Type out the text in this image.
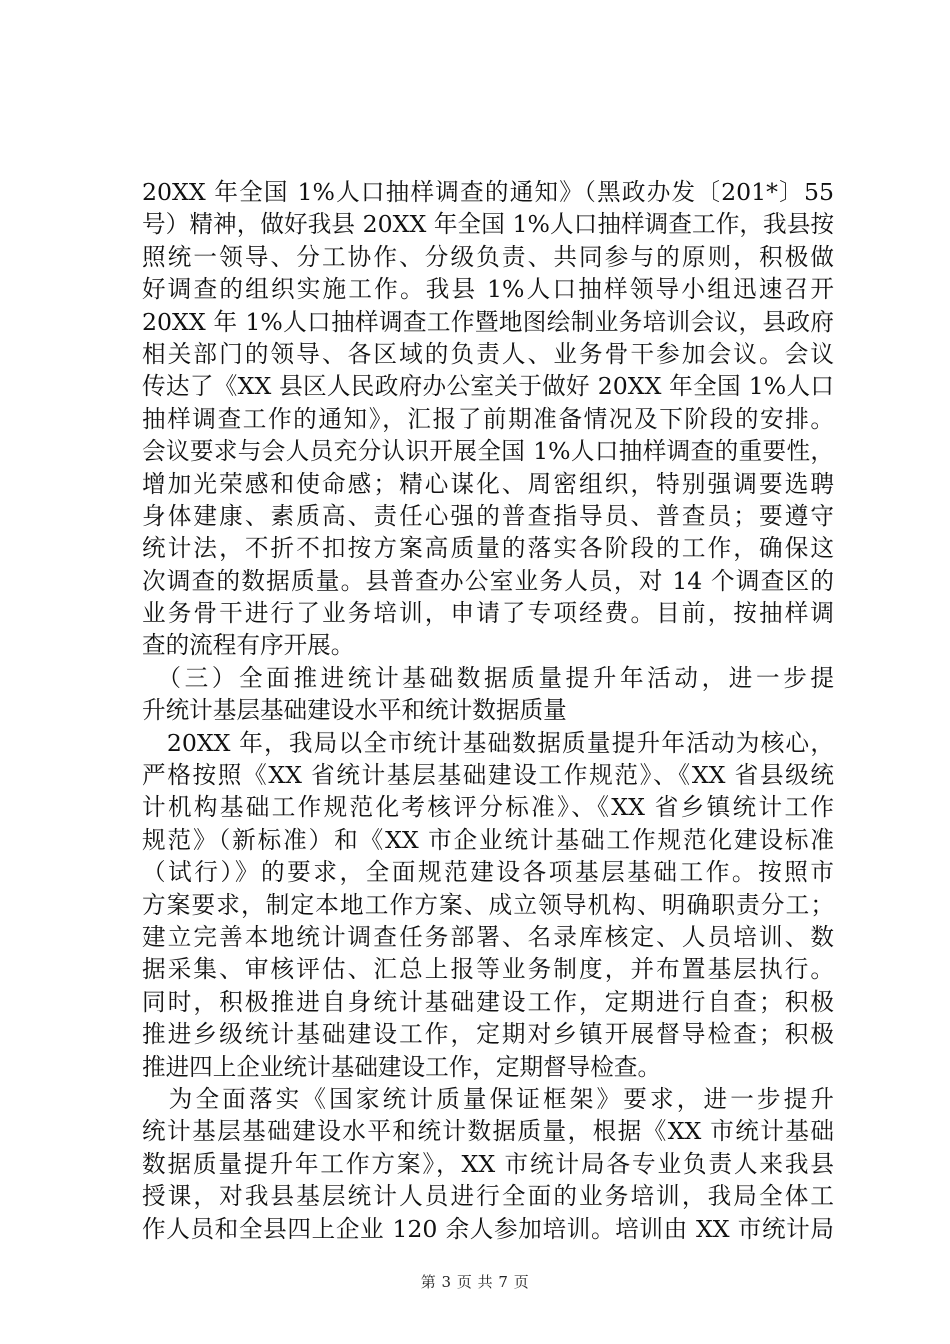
20XX 年全国 1%人口抽样调查的通知》（黑政办发〔201*〕55
号）精神，做好我县 20XX 年全国 1%人口抽样调查工作，我县按
照统一领导、分工协作、分级负责、共同参与的原则，积极做
好调查的组织实施工作。我县 1%人口抽样领导小组迅速召开
20XX 年 1%人口抽样调查工作暨地图绘制业务培训会议，县政府
相关部门的领导、各区域的负责人、业务骨干参加会议。会议
传达了《XX 县区人民政府办公室关于做好 20XX 年全国 1%人口
抽样调查工作的通知》，汇报了前期准备情况及下阶段的安排。
会议要求与会人员充分认识开展全国 1%人口抽样调查的重要性，
增加光荣感和使命感；精心谋化、周密组织，特别强调要选聘
身体建康、素质高、责任心强的普查指导员、普查员；要遵守
统计法，不折不扣按方案高质量的落实各阶段的工作，确保这
次调查的数据质量。县普查办公室业务人员，对 14 个调查区的
业务骨干进行了业务培训，申请了专项经费。目前，按抽样调
查的流程有序开展。
　（三）全面推进统计基础数据质量提升年活动，进一步提
升统计基层基础建设水平和统计数据质量
　20XX 年，我局以全市统计基础数据质量提升年活动为核心，
严格按照《XX 省统计基层基础建设工作规范》、《XX 省县级统
计机构基础工作规范化考核评分标准》、《XX 省乡镇统计工作
规范》（新标准）和《XX 市企业统计基础工作规范化建设标准
（试行）》的要求，全面规范建设各项基层基础工作。按照市
方案要求，制定本地工作方案、成立领导机构、明确职责分工；
建立完善本地统计调查任务部署、名录库核定、人员培训、数
据采集、审核评估、汇总上报等业务制度，并布置基层执行。
同时，积极推进自身统计基础建设工作，定期进行自查；积极
推进乡级统计基础建设工作，定期对乡镇开展督导检查；积极
推进四上企业统计基础建设工作，定期督导检查。
　为全面落实《国家统计质量保证框架》要求，进一步提升
统计基层基础建设水平和统计数据质量，根据《XX 市统计基础
数据质量提升年工作方案》，XX 市统计局各专业负责人来我县
授课，对我县基层统计人员进行全面的业务培训，我局全体工
作人员和全县四上企业 120 余人参加培训。培训由 XX 市统计局
第 3 页 共 7 页
